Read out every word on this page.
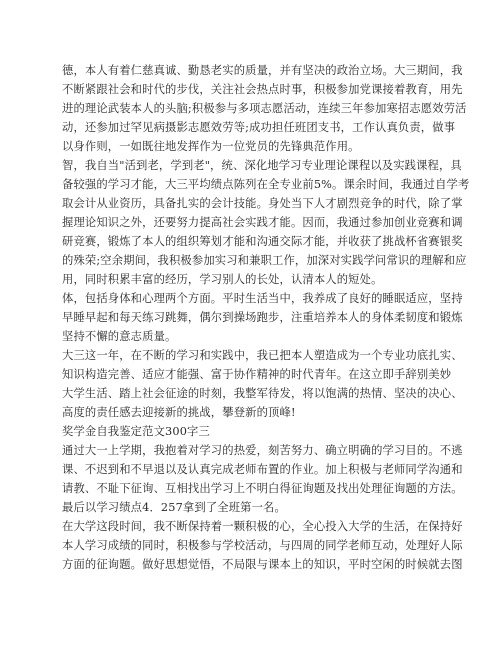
德，本人有着仁慈真诚、勤恳老实的质量，并有坚决的政治立场。大三期间，我
不断紧跟社会和时代的步伐，关注社会热点时事，积极参加党课接着教育，用先
进的理论武装本人的头脑;积极参与多项志愿活动，连续三年参加寒招志愿效劳活
动，还参加过罕见病摄影志愿效劳等;成功担任班团支书，工作认真负责，做事
以身作则，一如既往地发挥作为一位党员的先锋典范作用。
智，我自当"活到老，学到老"，统、深化地学习专业理论课程以及实践课程，具
备较强的学习才能，大三平均绩点陈列在全专业前5%。课余时间，我通过自学考
取会计从业资历，具备扎实的会计技能。身处当下人才剧烈竞争的时代，除了掌
握理论知识之外，还要努力提高社会实践才能。因而，我通过参加创业竞赛和调
研竞赛，锻炼了本人的组织筹划才能和沟通交际才能，并收获了挑战杯省赛银奖
的殊荣;空余期间，我积极参加实习和兼职工作，加深对实践学问常识的理解和应
用，同时积累丰富的经历，学习别人的长处，认清本人的短处。
体，包括身体和心理两个方面。平时生活当中，我养成了良好的睡眠适应，坚持
早睡早起和每天练习跳舞，偶尔到操场跑步，注重培养本人的身体柔韧度和锻炼
坚持不懈的意志质量。
大三这一年，在不断的学习和实践中，我已把本人塑造成为一个专业功底扎实、
知识构造完善、适应才能强、富于协作精神的时代青年。在这立即手辞别美妙
大学生活、踏上社会征途的时刻，我整军待发，将以饱满的热情、坚决的决心、
高度的责任感去迎接新的挑战，攀登新的顶峰!
奖学金自我鉴定范文300字三
通过大一上学期，我抱着对学习的热爱，刻苦努力、确立明确的学习目的。不逃
课、不迟到和不早退以及认真完成老师布置的作业。加上积极与老师同学沟通和
请教、不耻下征询、互相找出学习上不明白得征询题及找出处理征询题的方法。
最后以学习绩点4．257拿到了全班第一名。
在大学这段时间，我不断保持着一颗积极的心，全心投入大学的生活，在保持好
本人学习成绩的同时，积极参与学校活动，与四周的同学老师互动，处理好人际
方面的征询题。做好思想觉悟，不局限与课本上的知识，平时空闲的时候就去图
